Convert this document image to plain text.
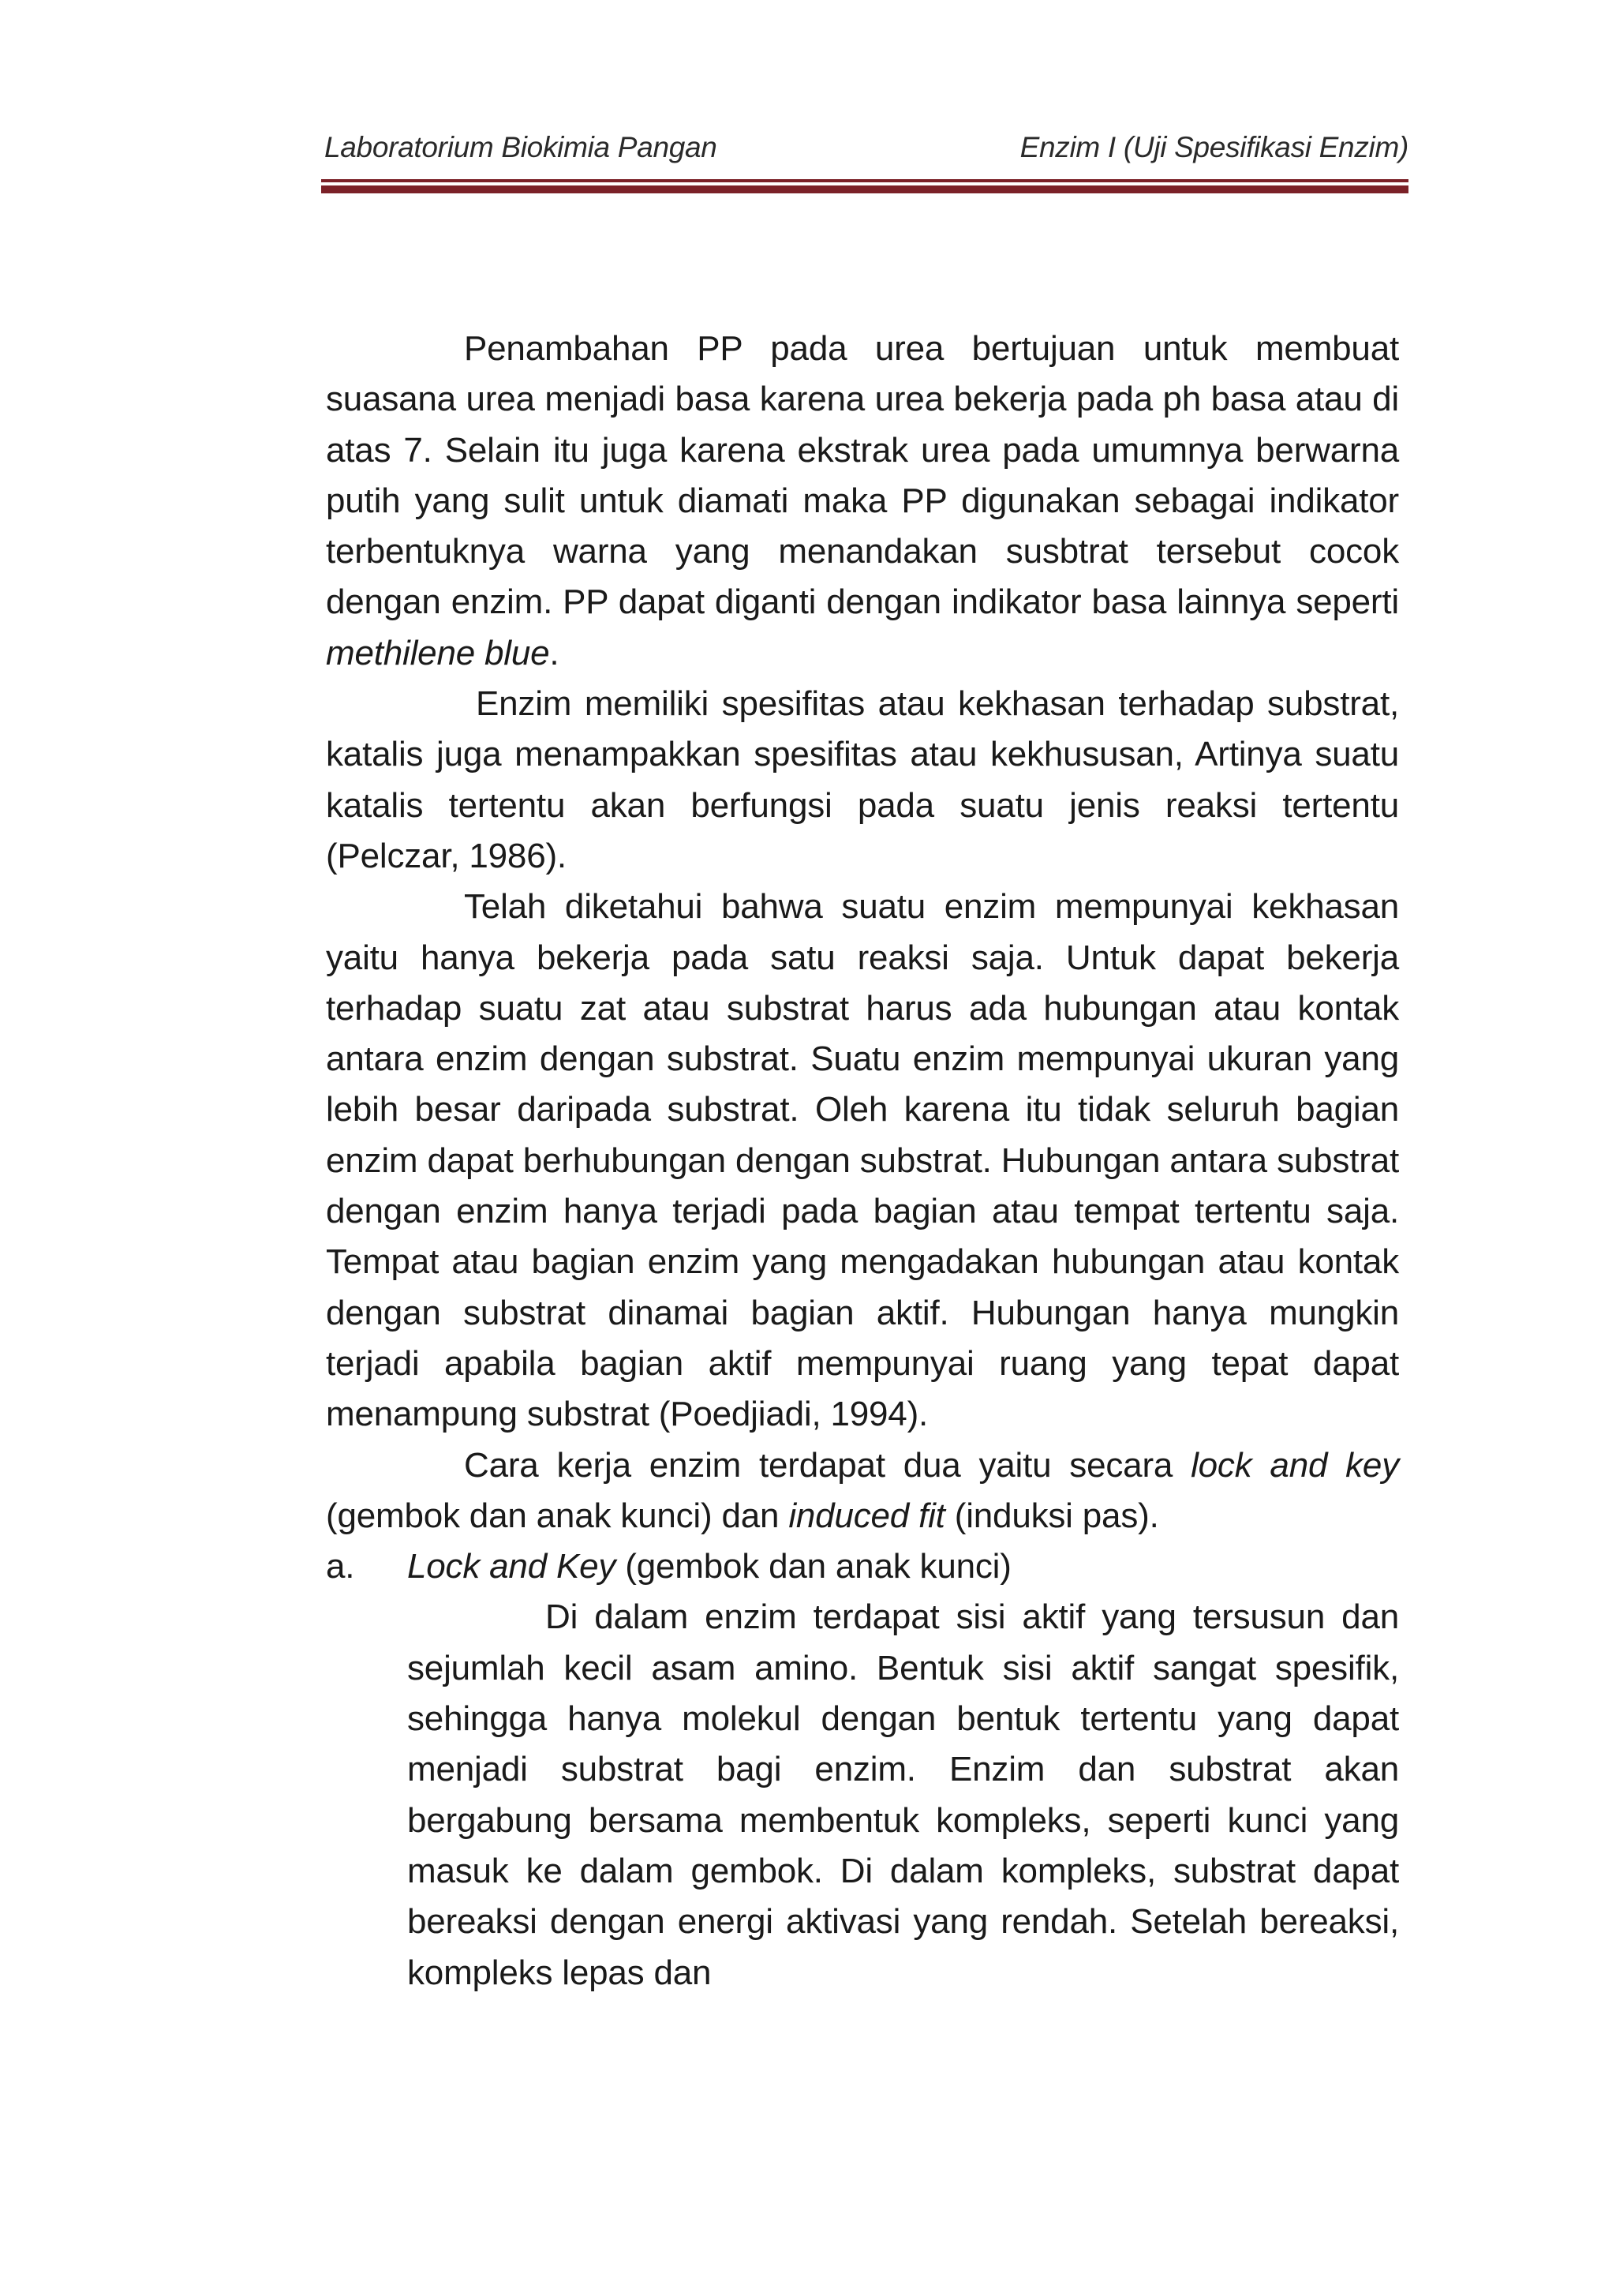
Laboratorium Biokimia Pangan	Enzim I (Uji Spesifikasi Enzim)

Penambahan PP pada urea bertujuan untuk membuat suasana urea menjadi basa karena urea bekerja pada ph basa atau di atas 7. Selain itu juga karena ekstrak urea pada umumnya berwarna putih yang sulit untuk diamati maka PP digunakan sebagai indikator terbentuknya warna yang menandakan susbtrat tersebut cocok dengan enzim. PP dapat diganti dengan indikator basa lainnya seperti methilene blue.

Enzim memiliki spesifitas atau kekhasan terhadap substrat, katalis juga menampakkan spesifitas atau kekhususan, Artinya suatu katalis tertentu akan berfungsi pada suatu jenis reaksi tertentu (Pelczar, 1986).

Telah diketahui bahwa suatu enzim mempunyai kekhasan yaitu hanya bekerja pada satu reaksi saja. Untuk dapat bekerja terhadap suatu zat atau substrat harus ada hubungan atau kontak antara enzim dengan substrat. Suatu enzim mempunyai ukuran yang lebih besar daripada substrat. Oleh karena itu tidak seluruh bagian enzim dapat berhubungan dengan substrat. Hubungan antara substrat dengan enzim hanya terjadi pada bagian atau tempat tertentu saja. Tempat atau bagian enzim yang mengadakan hubungan atau kontak dengan substrat dinamai bagian aktif. Hubungan hanya mungkin terjadi apabila bagian aktif mempunyai ruang yang tepat dapat menampung substrat (Poedjiadi, 1994).

Cara kerja enzim terdapat dua yaitu secara lock and key (gembok dan anak kunci) dan induced fit (induksi pas).

a. Lock and Key (gembok dan anak kunci)

Di dalam enzim terdapat sisi aktif yang tersusun dan sejumlah kecil asam amino. Bentuk sisi aktif sangat spesifik, sehingga hanya molekul dengan bentuk tertentu yang dapat menjadi substrat bagi enzim. Enzim dan substrat akan bergabung bersama membentuk kompleks, seperti kunci yang masuk ke dalam gembok. Di dalam kompleks, substrat dapat bereaksi dengan energi aktivasi yang rendah. Setelah bereaksi, kompleks lepas dan
